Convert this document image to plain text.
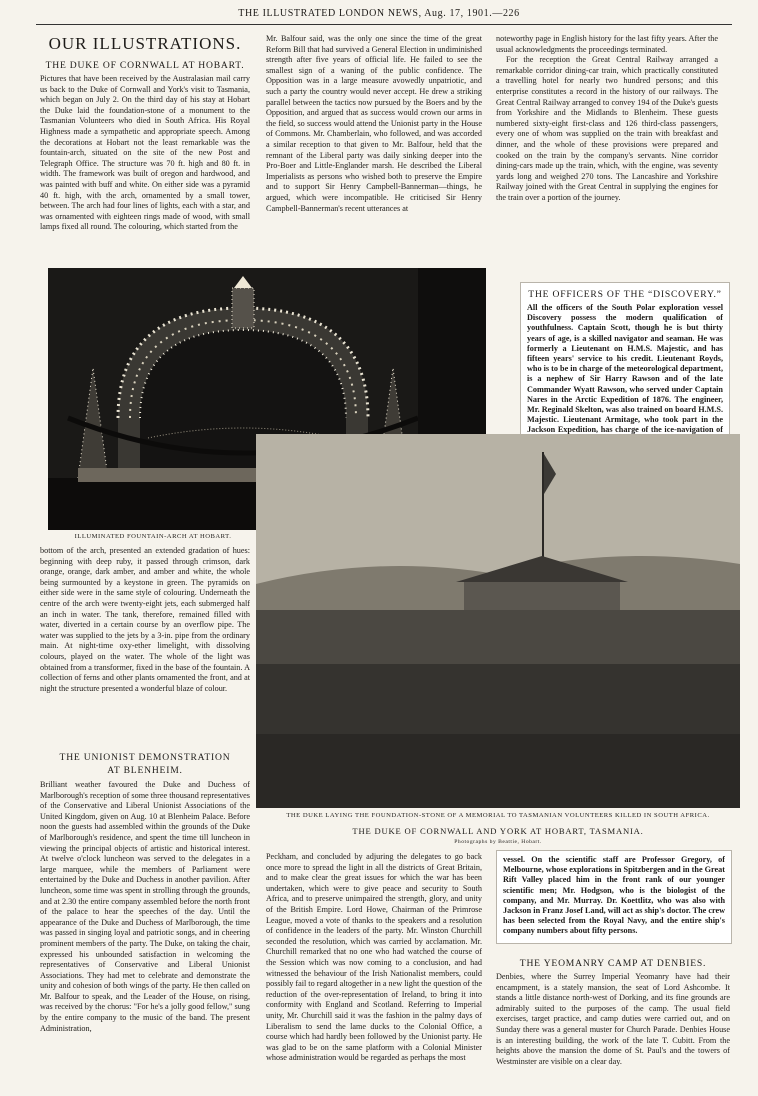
THE ILLUSTRATED LONDON NEWS, Aug. 17, 1901.—226
OUR ILLUSTRATIONS.
THE DUKE OF CORNWALL AT HOBART.

Pictures that have been received by the Australasian mail carry us back to the Duke of Cornwall and York's visit to Tasmania, which began on July 2. On the third day of his stay at Hobart the Duke laid the foundation-stone of a monument to the Tasmanian Volunteers who died in South Africa. His Royal Highness made a sympathetic and appropriate speech. Among the decorations at Hobart not the least remarkable was the fountain-arch, situated on the site of the new Post and Telegraph Office. The structure was 70 ft. high and 80 ft. in width. The framework was built of oregon and hardwood, and was painted with buff and white. On either side was a pyramid 40 ft. high, with the arch, ornamented by a small tower, between. The arch had four lines of lights, each with a star, and was ornamented with eighteen rings made of wood, with small lamps fixed all round. The colouring, which started from the

Mr. Balfour said, was the only one since the time of the great Reform Bill that had survived a General Election in undiminished strength after five years of official life. He failed to see the smallest sign of a waning of the public confidence. The Opposition was in a large measure avowedly unpatriotic, and such a party the country would never accept. He drew a striking parallel between the tactics now pursued by the Boers and by the Opposition, and argued that as success would crown our arms in the field, so success would attend the Unionist party in the House of Commons. Mr. Chamberlain, who followed, and was accorded a similar reception to that given to Mr. Balfour, held that the remnant of the Liberal party was daily sinking deeper into the Pro-Boer and Little-Englander marsh. He described the Liberal Imperialists as persons who wished both to preserve the Empire and to support Sir Henry Campbell-Bannerman—things, he argued, which were incompatible. He criticised Sir Henry Campbell-Bannerman's recent utterances at

noteworthy page in English history for the last fifty years. After the usual acknowledgments the proceedings terminated.

For the reception the Great Central Railway arranged a remarkable corridor dining-car train, which practically constituted a travelling hotel for nearly two hundred persons; and this enterprise constitutes a record in the history of our railways. The Great Central Railway arranged to convey 194 of the Duke's guests from Yorkshire and the Midlands to Blenheim. These guests numbered sixty-eight first-class and 126 third-class passengers, every one of whom was supplied on the train with breakfast and dinner, and the whole of these provisions were prepared and cooked on the train by the company's servants. Nine corridor dining-cars made up the train, which, with the engine, was seventy yards long and weighed 270 tons. The Lancashire and Yorkshire Railway joined with the Great Central in supplying the engines for the train over a portion of the journey.

ILLUMINATED FOUNTAIN-ARCH AT HOBART.
THE OFFICERS OF THE “DISCOVERY.”

All the officers of the South Polar exploration vessel Discovery possess the modern qualification of youthfulness. Captain Scott, though he is but thirty years of age, is a skilled navigator and seaman. He was formerly a Lieutenant on H.M.S. Majestic, and has fifteen years' service to his credit. Lieutenant Royds, who is to be in charge of the meteorological department, is a nephew of Sir Harry Rawson and of the late Commander Wyatt Rawson, who served under Captain Nares in the Arctic Expedition of 1876. The engineer, Mr. Reginald Skelton, was also trained on board H.M.S. Majestic. Lieutenant Armitage, who took part in the Jackson Expedition, has charge of the ice-navigation of

bottom of the arch, presented an extended gradation of hues: beginning with deep ruby, it passed through crimson, dark orange, orange, dark amber, and amber and white, the whole being surmounted by a keystone in green. The pyramids on either side were in the same style of colouring. Underneath the centre of the arch were twenty-eight jets, each submerged half an inch in water. The tank, therefore, remained filled with water, diverted in a certain course by an overflow pipe. The water was supplied to the jets by a 3-in. pipe from the ordinary main. At night-time oxy-ether limelight, with dissolving colours, played on the water. The whole of the light was obtained from a transformer, fixed in the base of the fountain. A collection of ferns and other plants ornamented the front, and at night the structure presented a wonderful blaze of colour.

THE UNIONIST DEMONSTRATION
AT BLENHEIM.

Brilliant weather favoured the Duke and Duchess of Marlborough's reception of some three thousand representatives of the Conservative and Liberal Unionist Associations of the United Kingdom, given on Aug. 10 at Blenheim Palace. Before noon the guests had assembled within the grounds of the Duke of Marlborough's residence, and spent the time till luncheon in viewing the principal objects of artistic and historical interest. At twelve o'clock luncheon was served to the delegates in a large marquee, while the members of Parliament were entertained by the Duke and Duchess in another pavilion. After luncheon, some time was spent in strolling through the grounds, and at 2.30 the entire company assembled before the north front of the palace to hear the speeches of the day. Until the appearance of the Duke and Duchess of Marlborough, the time was passed in singing loyal and patriotic songs, and in cheering prominent members of the party. The Duke, on taking the chair, expressed his unbounded satisfaction in welcoming the representatives of Conservative and Liberal Unionist Associations. They had met to celebrate and demonstrate the unity and cohesion of both wings of the party. He then called on Mr. Balfour to speak, and the Leader of the House, on rising, was received by the chorus: "For he's a jolly good fellow," sung by the entire company to the music of the band. The present Administration,

THE DUKE LAYING THE FOUNDATION-STONE OF A MEMORIAL TO TASMANIAN VOLUNTEERS KILLED IN SOUTH AFRICA.
THE DUKE OF CORNWALL AND YORK AT HOBART, TASMANIA.
Photographs by Beattie, Hobart.

Peckham, and concluded by adjuring the delegates to go back once more to spread the light in all the districts of Great Britain, and to make clear the great issues for which the war has been undertaken, which were to give peace and security to South Africa, and to preserve unimpaired the strength, glory, and unity of the British Empire. Lord Howe, Chairman of the Primrose League, moved a vote of thanks to the speakers and a resolution of confidence in the leaders of the party. Mr. Winston Churchill seconded the resolution, which was carried by acclamation. Mr. Churchill remarked that no one who had watched the course of the Session which was now coming to a conclusion, and had witnessed the behaviour of the Irish Nationalist members, could possibly fail to regard altogether in a new light the question of the reduction of the over-representation of Ireland, to bring it into conformity with England and Scotland. Referring to Imperial unity, Mr. Churchill said it was the fashion in the palmy days of Liberalism to send the lame ducks to the Colonial Office, a course which had hardly been followed by the Unionist party. He was glad to be on the same platform with a Colonial Minister whose administration would be regarded as perhaps the most

vessel. On the scientific staff are Professor Gregory, of Melbourne, whose explorations in Spitzbergen and in the Great Rift Valley placed him in the front rank of our younger scientific men; Mr. Hodgson, who is the biologist of the company, and Mr. Murray. Dr. Koettlitz, who was also with Jackson in Franz Josef Land, will act as ship's doctor. The crew has been selected from the Royal Navy, and the entire ship's company numbers about fifty persons.

THE YEOMANRY CAMP AT DENBIES.

Denbies, where the Surrey Imperial Yeomanry have had their encampment, is a stately mansion, the seat of Lord Ashcombe. It stands a little distance north-west of Dorking, and its fine grounds are admirably suited to the purposes of the camp. The usual field exercises, target practice, and camp duties were carried out, and on Sunday there was a general muster for Church Parade. Denbies House is an interesting building, the work of the late T. Cubitt. From the heights above the mansion the dome of St. Paul's and the towers of Westminster are visible on a clear day.
